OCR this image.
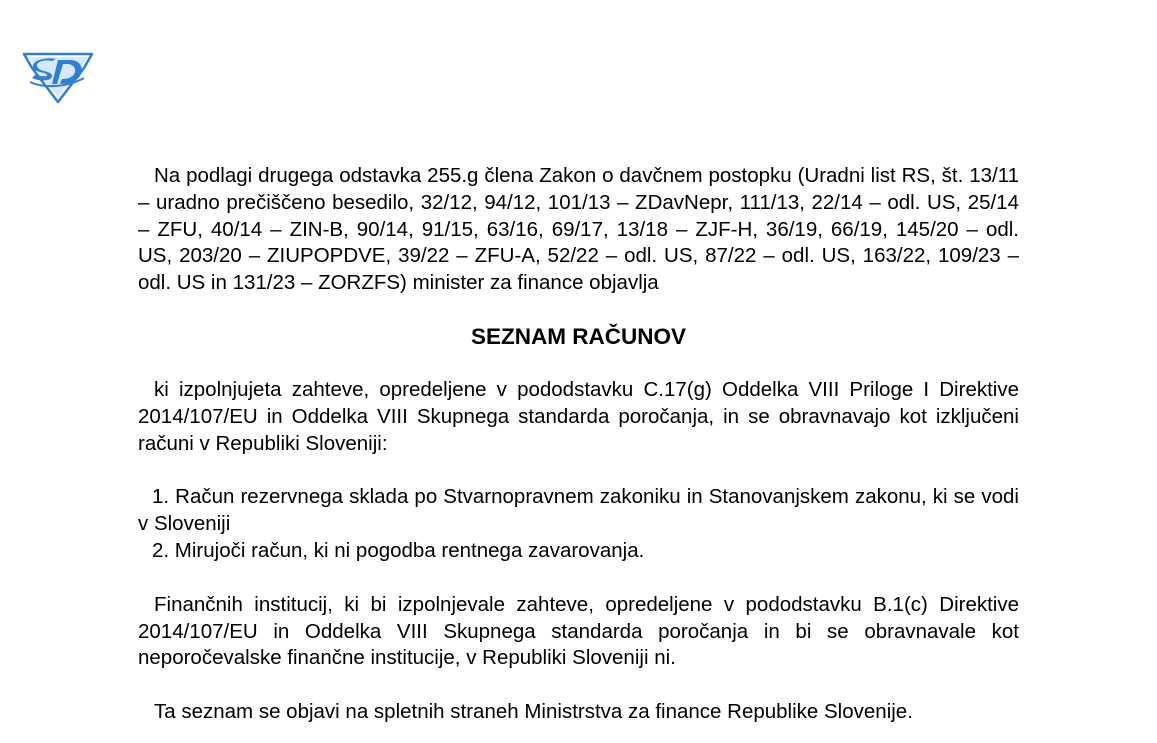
Na podlagi drugega odstavka 255.g člena Zakon o davčnem postopku (Uradni list RS, št. 13/11 – uradno prečiščeno besedilo, 32/12, 94/12, 101/13 – ZDavNepr, 111/13, 22/14 – odl. US, 25/14 – ZFU, 40/14 – ZIN-B, 90/14, 91/15, 63/16, 69/17, 13/18 – ZJF-H, 36/19, 66/19, 145/20 – odl. US, 203/20 – ZIUPOPDVE, 39/22 – ZFU-A, 52/22 – odl. US, 87/22 – odl. US, 163/22, 109/23 – odl. US in 131/23 – ZORZFS) minister za finance objavlja

SEZNAM RAČUNOV

ki izpolnjujeta zahteve, opredeljene v pododstavku C.17(g) Oddelka VIII Priloge I Direktive 2014/107/EU in Oddelka VIII Skupnega standarda poročanja, in se obravnavajo kot izključeni računi v Republiki Sloveniji:

1. Račun rezervnega sklada po Stvarnopravnem zakoniku in Stanovanjskem zakonu, ki se vodi v Sloveniji

2. Mirujoči račun, ki ni pogodba rentnega zavarovanja.

Finančnih institucij, ki bi izpolnjevale zahteve, opredeljene v pododstavku B.1(c) Direktive 2014/107/EU in Oddelka VIII Skupnega standarda poročanja in bi se obravnavale kot neporočevalske finančne institucije, v Republiki Sloveniji ni.

Ta seznam se objavi na spletnih straneh Ministrstva za finance Republike Slovenije.
